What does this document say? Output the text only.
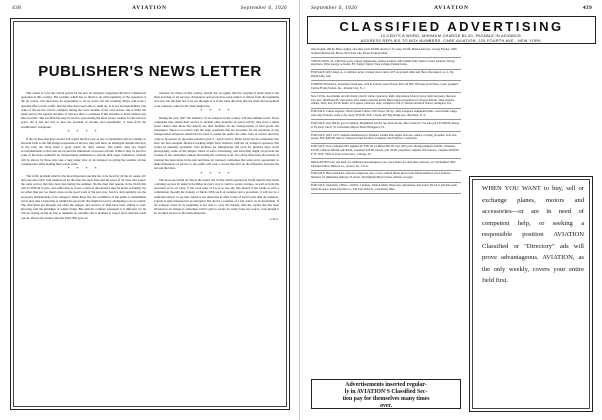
438	AVIATION	September 6, 1926
PUBLISHER'S NEWS LETTER

This winter is to be the critical period for the new air transport companies that have commenced operation in this country. The weather, which has so much to do with regularity of the operation of the air routes, will then have its opportunity to do its worst and the resulting delays will form a decided effect on the traffic that the lines have been able to build up. It is not an improbability that some of the service will be complete during the worst months of the cold season, and at times the mails sent by the regular rail lines. It will not show a weakness if this situation is faced without any false bravado. The Air Mail has kept its service open during the most severe weather for the last few years, but it has not had to face the problem of income and expenditure, at least from the stockholders' standpoint.

* * * *

If the air lines that have started will regard the first year as one of experiment and not attempt to blossom forth as the full-fledged exponents of service, they will show an intelligent attitude that may in the long run bring them a good return for their caution. The public does not expect accomplishments at first that are beyond the limitations of present aircraft. While it may be hard for some of the more optimistic air transportation enthusiasts to restrain their eager confidence, wisdom will be shown by those who take a long range view of air transport as giving the weather all due consideration when making their winter plans.

* * * *

The traffic problem which is the most important one that has to be faced by all the air routes will have become fairly well understood by the time the snow flies and the users of air lines will expect the same service that they have had during the summer. On the lines that operate in the North this will be difficult to give, and rather than to create a spirit of discontent it may be better to frankly say so rather than put too much stress on the good work of the past year. Service and regularity are the necessary fundamentals of air transport. When these fail, the confidence of the public is undermined and it may take a long time to rebuild the good will that might be lost by attempting to do too much. The mail must get through, but often the shipper and receiver of mail have been willing to wait, knowing well the hardships of winter flying. But with the ordinary passenger it is different, for he will be relying on the air line to maintain its schedule and is inclined to expect more than the roads can do. Those who believe that the Kelly Bill gave air

transport its chance in this country, should also recognize that the carrying of mails alone is the most exacting of all services. Passengers and goods have been subject to delays from the beginning of travel, but the mail has to be put through. It is in the same direction that the chief encouragement to air transport came for the chief danger lies.

* * * *

During the year 1927, the tendency of air transport in the country will take definite trend. Those companies that extend their service to include other branches of aerial activity may have a much better chance than those that merely use their facilities for the transportation of mail goods and passengers. There is no reason why the large overheads that are necessary for the operation of any transportation enterprise should not be used to attend the public the other class of service that may come to be known by the name Aviation gave it - aerial service. Many aerial service companies that have not had adequate financial backing might form alliances with the air transport operators that would be mutually profitable. Taxi facilities for emergencies and even for pleasure trips, aerial photography, some of the simpler forms of aerial advertising, and surveying might all provide the revenue of the companies without increasing the overhead at all. It is along these lines that money in aviation has been made in the past and these air transport companies that seize every opportunity to make themselves of service to the public will earn a reward that may be the difference between the red and the black.

* * * *

The most successful air line in the world, the Scadta which operates in South America has made a striking success by using its facilities in every way it could to secure revenue, as well as from the operation of its air route. It has even gone so far as to use any idle money it has banks to earn a commission through the transfer of funds. With such an example and a precedent, it will not be a sufficient answer to say that capital is not interested in other forms of aerial work than air transport. Capital is only interested in an enterprise that shows a promise of a fair return on its investment. If air transport alone in its beginning is not able to carry the burden, then the capital that has been invested in air transport companies will be glad to secure its return from any source, even though it be an allied service to the main enterprise.

- L.D.G.
September 6, 1926	AVIATION	439
CLASSIFIED ADVERTISING
10 CENTS A WORD, MINIMUM CHARGE $2.00, PAYABLE IN ADVANCE.
ADDRESS REPLIES TO BOX NUMBERS, CARE AVIATION, 225 FOURTH AVE., NEW YORK.
One Seagull, 160 hp. Hisso engine, and other parts, $2,000. Ready to fly away. Pacific Marine Airways, George Fischer, 1000 Southern Boulevard, Bronx, New York City. Phone Tremont 0941.
YOUNG MAN, 22, with three years college engineering, desires position with reliable firm. Wants to learn aviation. Will go anywhere. Write George A. Keiter, Flt. Supply Signal, State College, Pennsylvania.
FOR SALE: OX5 Jenny, A-1 condition, never cracked, motor turns 1475 on ground. Must sell. Best offer takes it. A. L. Sly, Blythewille, Ark.
CURTISS SEAGULL, absolutely brand new, with K-6 motor, never flown. Price $3,000. Will take good Wasp or part payment. Curtiss Flying Station, Inc., Atlantic City, N. J.
New 125 hp. Aeromarine on with Jenny: electric starter, generator, high compression Liberty, heavy shaft and gears, like new. Two new 190 Hornet B, with spares. Five Austin switches $2.00. Metal tipped propellers for all types $20 up. 26x4 airplane wheels, 30x5, new, $3.50. Radio, W-2 spares, radiators, dope, varnish for OX-5. Western Aviation School, Arlington, Tex.
FOR SALE: Curtiss airplane, JN4-D model Curtiss, OX5 motor, 90 h.p., fully equipped, aluminum finish, cotton finish wings, well only 25 hours, ready to fly away. $750.00. Wm. J. Dean, 907 Bay Ridge Ave., Brooklyn, N. Y.
FOR SALE: One JN4-D, good condition. Homemade and the rest from an idle. The Curtiss inc. For sale price $1,000.00. Ready to fly away. See E. W. Cleveland, Mayors Field, Bridgeport, Pa.
FOR SALE: OX5, 1475 complete installation for Standard welded tube engine sections, radiator cowling, propeller, tools and spares. First $200.00 takes it. Universal Steel Products Company, San Francisco, California.
FOR SALE: New complete OX5 engines $175.00, 90 Le Rhone $95.00, new OX5 parts. Boeing magneto $20.00, carburetor $15.00, radiators $20.00, hub $6.00, propellers $15.00, fabrics, pair, $6.00, propellers complete OX5 motors, complete $250.00. F. W. Wolf, 7000-11 Peter School Ave., Chicago, Ill.
PARACHUTES new and used, for exhibition and emergency use, rope ladders for stunt men, balloons, etc. Established 1903. Thompson Bros. Balloon Co., Aurora, Ill., U.S.A.
FOR SALE: Hisso-Standard, with new longerons, new covers, natural finish, motor turns fifteen hundred, price fourteen hundred, for immediate delivery. D. Davis, Ten Eighteen Byron Street, Atlanta, Georgia.
FOR SALE: Standards, 2 Hisso, 4 OX5s, 2 Jennies. Natural finish. Ships new, guaranteed. Just tested. Priced to sell this week. Wash the spare. Estes Airplane Co., 242 East Third St., Cincinnati, Ohio.
Advertisements inserted regular-
ly in AVIATION'S Classified Sec-
tion pay for themselves many times
over.
WHEN YOU WANT to buy, sell or exchange planes, motors and accessories—or are in need of competent help, or seeking a responsible position AVIATION Classified or "Directory" ads will prove advantageous. AVIATION, as the only weekly, covers your entire field first.
